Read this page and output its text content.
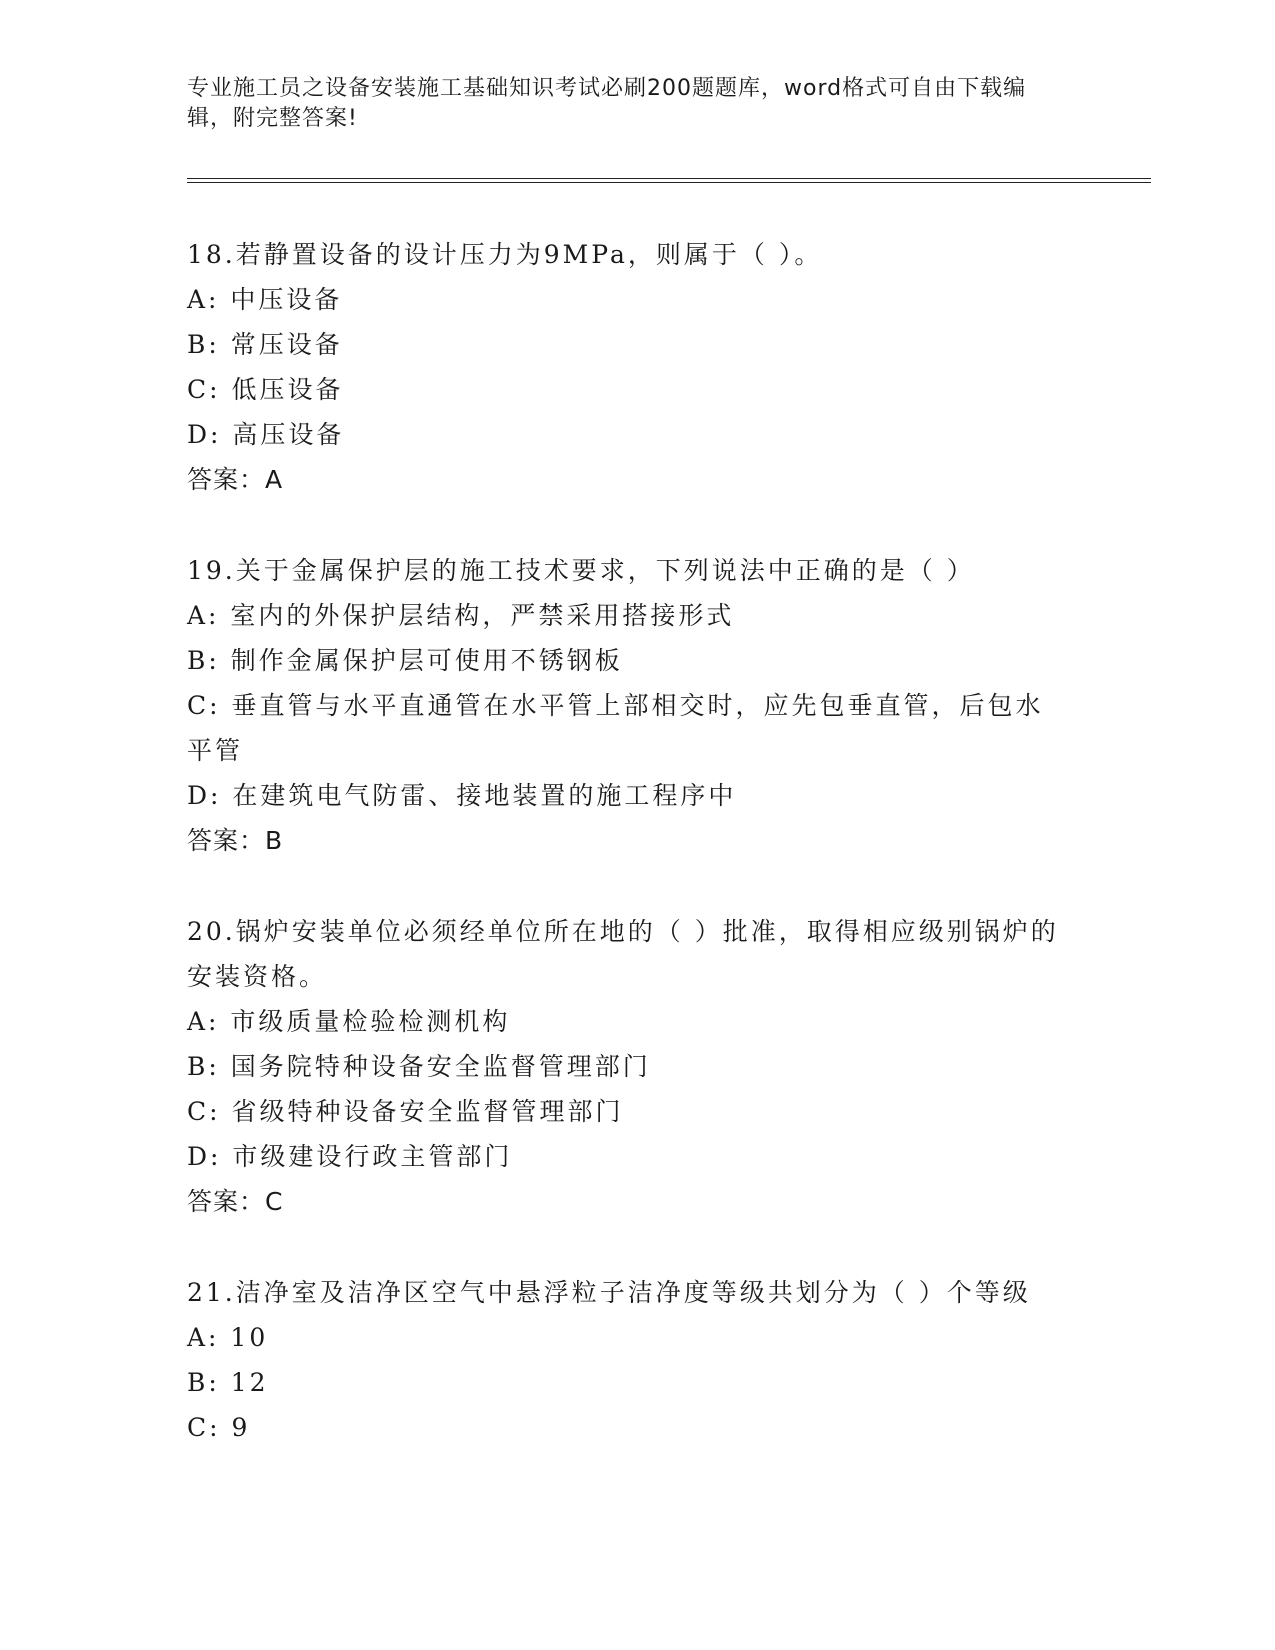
专业施工员之设备安装施工基础知识考试必刷200题题库，word格式可自由下载编辑，附完整答案!
18.若静置设备的设计压力为9MPa，则属于（ ）。
A: 中压设备
B: 常压设备
C: 低压设备
D: 高压设备
答案：A
19.关于金属保护层的施工技术要求，下列说法中正确的是（ ）
A: 室内的外保护层结构，严禁采用搭接形式
B: 制作金属保护层可使用不锈钢板
C: 垂直管与水平直通管在水平管上部相交时，应先包垂直管，后包水平管
D: 在建筑电气防雷、接地装置的施工程序中
答案：B
20.锅炉安装单位必须经单位所在地的（ ）批准，取得相应级别锅炉的安装资格。
A: 市级质量检验检测机构
B: 国务院特种设备安全监督管理部门
C: 省级特种设备安全监督管理部门
D: 市级建设行政主管部门
答案：C
21.洁净室及洁净区空气中悬浮粒子洁净度等级共划分为（ ）个等级
A: 10
B: 12
C: 9
